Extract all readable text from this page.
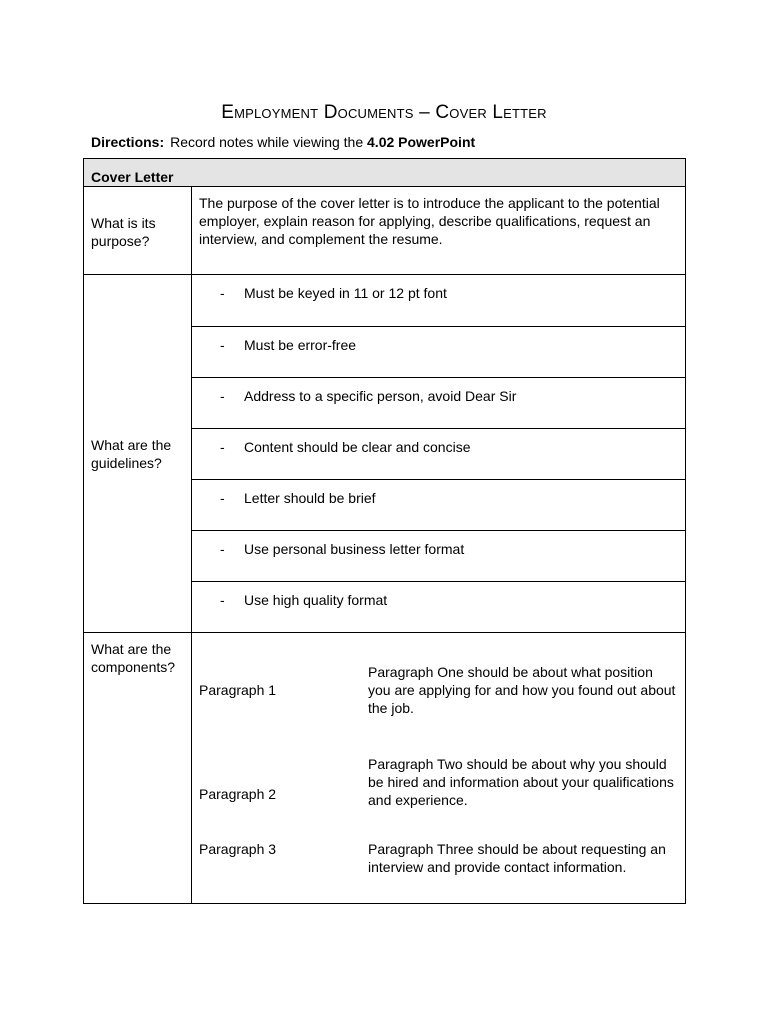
Employment Documents – Cover Letter
Directions: Record notes while viewing the 4.02 PowerPoint
Cover Letter

What is its purpose?
	The purpose of the cover letter is to introduce the applicant to the potential employer, explain reason for applying, describe qualifications, request an interview, and complement the resume.

What are the guidelines?

- Must be keyed in 11 or 12 pt font
- Must be error-free
- Address to a specific person, avoid Dear Sir
- Content should be clear and concise
- Letter should be brief
- Use personal business letter format
- Use high quality format

What are the components?

Paragraph 1	Paragraph One should be about what position you are applying for and how you found out about the job.
Paragraph 2	Paragraph Two should be about why you should be hired and information about your qualifications and experience.
Paragraph 3	Paragraph Three should be about requesting an interview and provide contact information.
